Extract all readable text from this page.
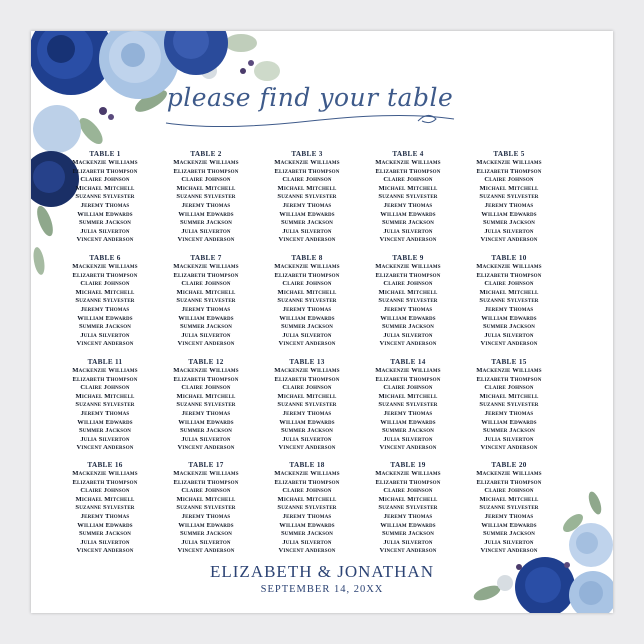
please find your table
TABLE 1
Mackenzie Williams
Elizabeth Thompson
Claire Johnson
Michael Mitchell
Suzanne Sylvester
Jeremy Thomas
William Edwards
Summer Jackson
Julia Silverton
Vincent Anderson
TABLE 2
Mackenzie Williams
Elizabeth Thompson
Claire Johnson
Michael Mitchell
Suzanne Sylvester
Jeremy Thomas
William Edwards
Summer Jackson
Julia Silverton
Vincent Anderson
TABLE 3
Mackenzie Williams
Elizabeth Thompson
Claire Johnson
Michael Mitchell
Suzanne Sylvester
Jeremy Thomas
William Edwards
Summer Jackson
Julia Silverton
Vincent Anderson
TABLE 4
Mackenzie Williams
Elizabeth Thompson
Claire Johnson
Michael Mitchell
Suzanne Sylvester
Jeremy Thomas
William Edwards
Summer Jackson
Julia Silverton
Vincent Anderson
TABLE 5
Mackenzie Williams
Elizabeth Thompson
Claire Johnson
Michael Mitchell
Suzanne Sylvester
Jeremy Thomas
William Edwards
Summer Jackson
Julia Silverton
Vincent Anderson
TABLE 6
Mackenzie Williams
Elizabeth Thompson
Claire Johnson
Michael Mitchell
Suzanne Sylvester
Jeremy Thomas
William Edwards
Summer Jackson
Julia Silverton
Vincent Anderson
TABLE 7
Mackenzie Williams
Elizabeth Thompson
Claire Johnson
Michael Mitchell
Suzanne Sylvester
Jeremy Thomas
William Edwards
Summer Jackson
Julia Silverton
Vincent Anderson
TABLE 8
Mackenzie Williams
Elizabeth Thompson
Claire Johnson
Michael Mitchell
Suzanne Sylvester
Jeremy Thomas
William Edwards
Summer Jackson
Julia Silverton
Vincent Anderson
TABLE 9
Mackenzie Williams
Elizabeth Thompson
Claire Johnson
Michael Mitchell
Suzanne Sylvester
Jeremy Thomas
William Edwards
Summer Jackson
Julia Silverton
Vincent Anderson
TABLE 10
Mackenzie Williams
Elizabeth Thompson
Claire Johnson
Michael Mitchell
Suzanne Sylvester
Jeremy Thomas
William Edwards
Summer Jackson
Julia Silverton
Vincent Anderson
TABLE 11
Mackenzie Williams
Elizabeth Thompson
Claire Johnson
Michael Mitchell
Suzanne Sylvester
Jeremy Thomas
William Edwards
Summer Jackson
Julia Silverton
Vincent Anderson
TABLE 12
Mackenzie Williams
Elizabeth Thompson
Claire Johnson
Michael Mitchell
Suzanne Sylvester
Jeremy Thomas
William Edwards
Summer Jackson
Julia Silverton
Vincent Anderson
TABLE 13
Mackenzie Williams
Elizabeth Thompson
Claire Johnson
Michael Mitchell
Suzanne Sylvester
Jeremy Thomas
William Edwards
Summer Jackson
Julia Silverton
Vincent Anderson
TABLE 14
Mackenzie Williams
Elizabeth Thompson
Claire Johnson
Michael Mitchell
Suzanne Sylvester
Jeremy Thomas
William Edwards
Summer Jackson
Julia Silverton
Vincent Anderson
TABLE 15
Mackenzie Williams
Elizabeth Thompson
Claire Johnson
Michael Mitchell
Suzanne Sylvester
Jeremy Thomas
William Edwards
Summer Jackson
Julia Silverton
Vincent Anderson
TABLE 16
Mackenzie Williams
Elizabeth Thompson
Claire Johnson
Michael Mitchell
Suzanne Sylvester
Jeremy Thomas
William Edwards
Summer Jackson
Julia Silverton
Vincent Anderson
TABLE 17
Mackenzie Williams
Elizabeth Thompson
Claire Johnson
Michael Mitchell
Suzanne Sylvester
Jeremy Thomas
William Edwards
Summer Jackson
Julia Silverton
Vincent Anderson
TABLE 18
Mackenzie Williams
Elizabeth Thompson
Claire Johnson
Michael Mitchell
Suzanne Sylvester
Jeremy Thomas
William Edwards
Summer Jackson
Julia Silverton
Vincent Anderson
TABLE 19
Mackenzie Williams
Elizabeth Thompson
Claire Johnson
Michael Mitchell
Suzanne Sylvester
Jeremy Thomas
William Edwards
Summer Jackson
Julia Silverton
Vincent Anderson
TABLE 20
Mackenzie Williams
Elizabeth Thompson
Claire Johnson
Michael Mitchell
Suzanne Sylvester
Jeremy Thomas
William Edwards
Summer Jackson
Julia Silverton
Vincent Anderson
ELIZABETH & JONATHAN
SEPTEMBER 14, 20XX
